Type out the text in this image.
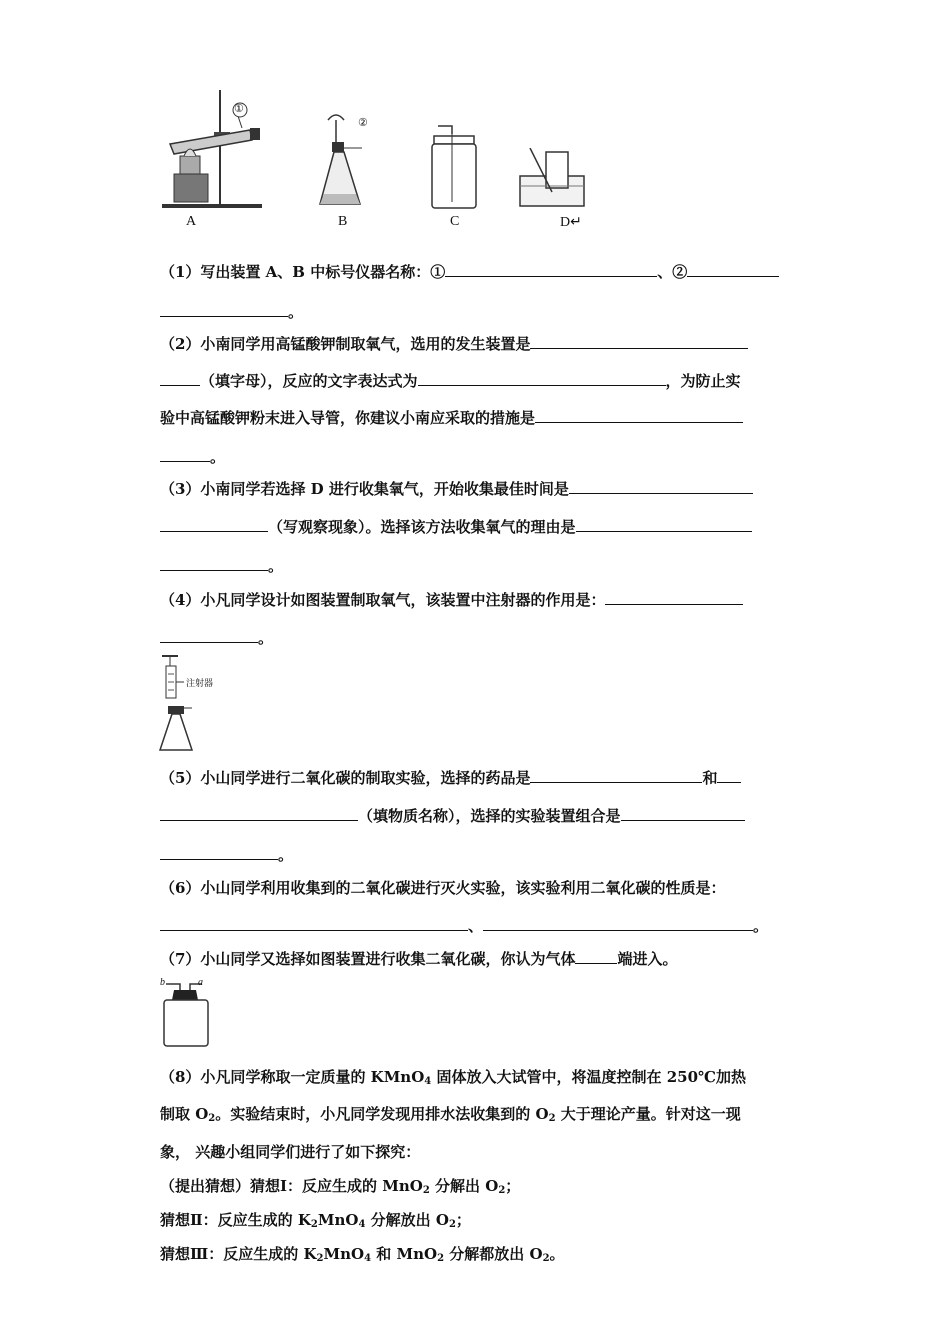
A
①
B
②
C	D↵
（1）写出装置 A、B 中标号仪器名称：①	、②
。
（2）小南同学用高锰酸钾制取氧气，选用的发生装置是
（填字母），反应的文字表达式为	，为防止实
验中高锰酸钾粉末进入导管，你建议小南应采取的措施是
。
（3）小南同学若选择 D 进行收集氧气，开始收集最佳时间是
（写观察现象）。选择该方法收集氧气的理由是
。
（4）小凡同学设计如图装置制取氧气，该装置中注射器的作用是：
。
注射器
（5）小山同学进行二氧化碳的制取实验，选择的药品是	和
（填物质名称），选择的实验装置组合是
。
（6）小山同学利用收集到的二氧化碳进行灭火实验，该实验利用二氧化碳的性质是：
、	。
（7）小山同学又选择如图装置进行收集二氧化碳，你认为气体	端进入。
b	a
（8）小凡同学称取一定质量的 KMnO$_4$ 固体放入大试管中，将温度控制在 250℃加热
制取 $O_2$。实验结束时，小凡同学发现用排水法收集到的 $O_2$ 大于理论产量。针对这一现
象， 兴趣小组同学们进行了如下探究：
（提出猜想）猜想Ⅰ：反应生成的 MnO$_2$ 分解出 $O_2$；
猜想Ⅱ：反应生成的 $K_2MnO_4$ 分解放出 $O_2$；
猜想Ⅲ：反应生成的 $K_2MnO_4$ 和 MnO$_2$ 分解都放出 $O_2$。
